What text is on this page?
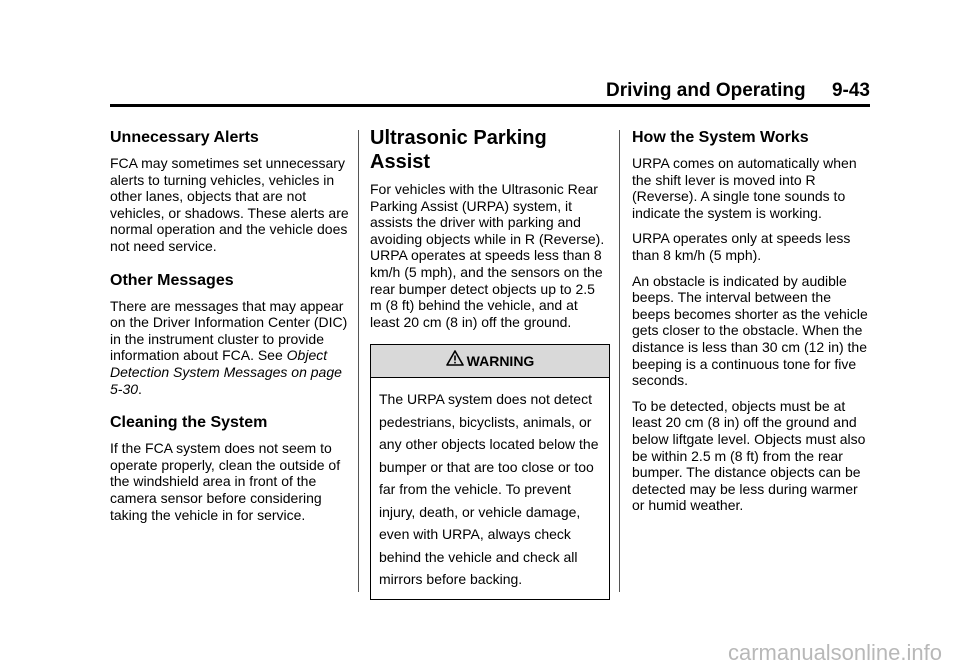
Driving and Operating     9-43
Unnecessary Alerts

FCA may sometimes set unnecessary alerts to turning vehicles, vehicles in other lanes, objects that are not vehicles, or shadows. These alerts are normal operation and the vehicle does not need service.

Other Messages

There are messages that may appear on the Driver Information Center (DIC) in the instrument cluster to provide information about FCA. See Object Detection System Messages on page 5-30.

Cleaning the System

If the FCA system does not seem to operate properly, clean the outside of the windshield area in front of the camera sensor before considering taking the vehicle in for service.

Ultrasonic Parking Assist

For vehicles with the Ultrasonic Rear Parking Assist (URPA) system, it assists the driver with parking and avoiding objects while in R (Reverse). URPA operates at speeds less than 8 km/h (5 mph), and the sensors on the rear bumper detect objects up to 2.5 m (8 ft) behind the vehicle, and at least 20 cm (8 in) off the ground.

WARNING

The URPA system does not detect pedestrians, bicyclists, animals, or any other objects located below the bumper or that are too close or too far from the vehicle. To prevent injury, death, or vehicle damage, even with URPA, always check behind the vehicle and check all mirrors before backing.

How the System Works

URPA comes on automatically when the shift lever is moved into R (Reverse). A single tone sounds to indicate the system is working.

URPA operates only at speeds less than 8 km/h (5 mph).

An obstacle is indicated by audible beeps. The interval between the beeps becomes shorter as the vehicle gets closer to the obstacle. When the distance is less than 30 cm (12 in) the beeping is a continuous tone for five seconds.

To be detected, objects must be at least 20 cm (8 in) off the ground and below liftgate level. Objects must also be within 2.5 m (8 ft) from the rear bumper. The distance objects can be detected may be less during warmer or humid weather.

carmanualsonline.info
